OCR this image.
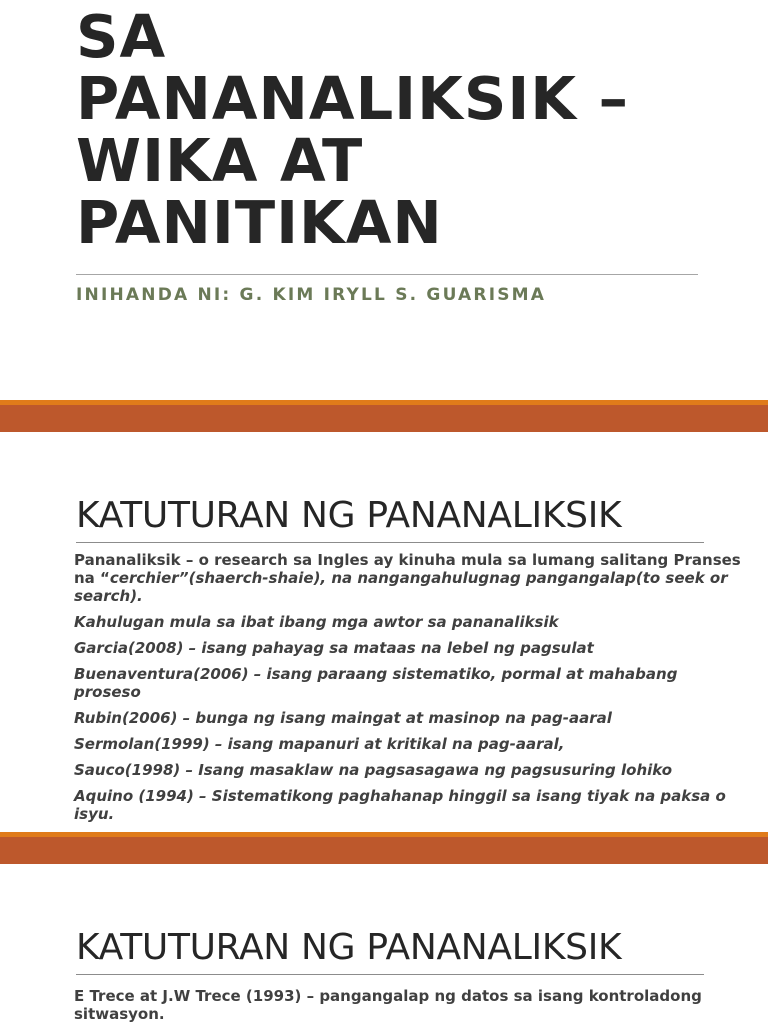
SA
PANANALIKSIK –
WIKA AT
PANITIKAN
INIHANDA NI: G. KIM IRYLL S. GUARISMA
KATUTURAN NG PANANALIKSIK

Pananaliksik – o research sa Ingles ay kinuha mula sa lumang salitang Pranses na “cerchier”(shaerch-shaie), na nangangahulugnag pangangalap(to seek or search).

Kahulugan mula sa ibat ibang mga awtor sa pananaliksik

Garcia(2008) – isang pahayag sa mataas na lebel ng pagsulat

Buenaventura(2006) – isang paraang sistematiko, pormal at mahabang proseso

Rubin(2006) – bunga ng isang maingat at masinop na pag-aaral

Sermolan(1999) – isang mapanuri at kritikal na pag-aaral,

Sauco(1998) – Isang masaklaw na pagsasagawa ng pagsusuring lohiko

Aquino (1994) – Sistematikong paghahanap hinggil sa isang tiyak na paksa o isyu.

KATUTURAN NG PANANALIKSIK

E Trece at J.W Trece (1993) – pangangalap ng datos sa isang kontroladong sitwasyon.
